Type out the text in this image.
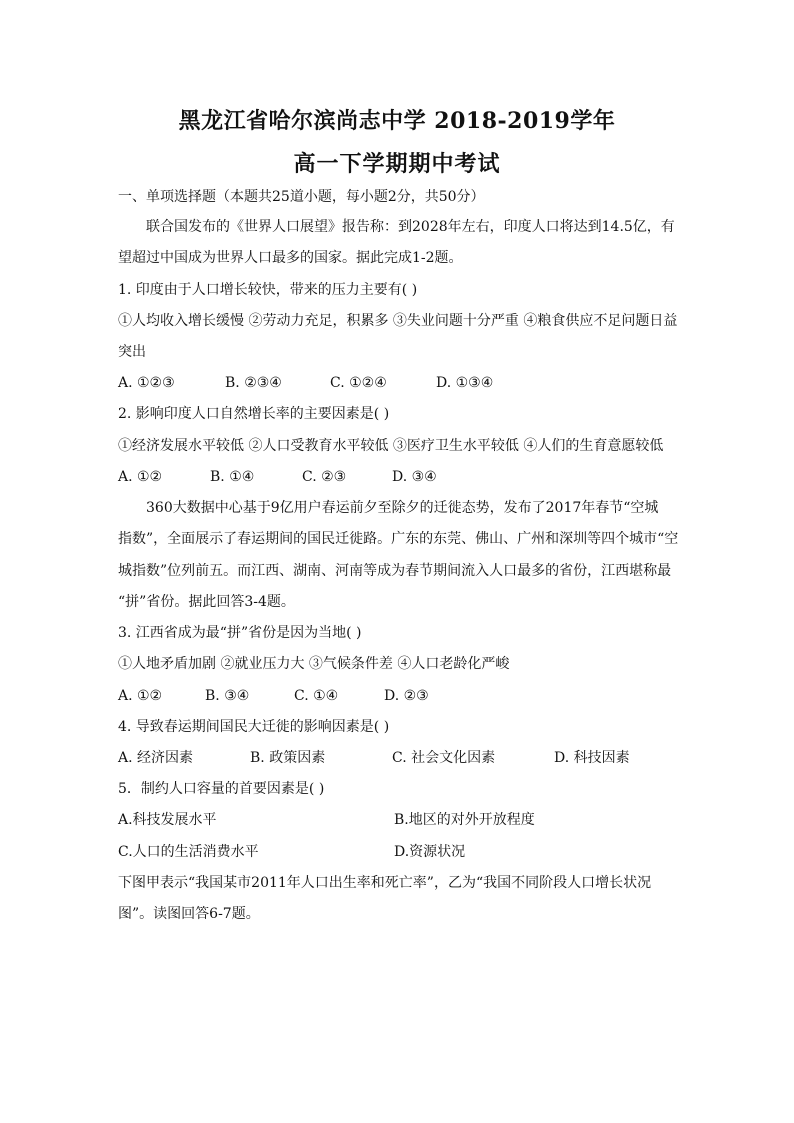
黑龙江省哈尔滨尚志中学 2018-2019学年
高一下学期期中考试
一、单项选择题（本题共25道小题，每小题2分，共50分）
联合国发布的《世界人口展望》报告称：到2028年左右，印度人口将达到14.5亿，有
望超过中国成为世界人口最多的国家。据此完成1-2题。
1. 印度由于人口增长较快，带来的压力主要有( )
①人均收入增长缓慢 ②劳动力充足，积累多 ③失业问题十分严重 ④粮食供应不足问题日益
突出
A. ①②③	B. ②③④	C. ①②④	D. ①③④
2. 影响印度人口自然增长率的主要因素是( )
①经济发展水平较低 ②人口受教育水平较低 ③医疗卫生水平较低 ④人们的生育意愿较低
A. ①②	B. ①④	C. ②③	D. ③④
360大数据中心基于9亿用户春运前夕至除夕的迁徙态势，发布了2017年春节“空城
指数”，全面展示了春运期间的国民迁徙路。广东的东莞、佛山、广州和深圳等四个城市“空
城指数”位列前五。而江西、湖南、河南等成为春节期间流入人口最多的省份，江西堪称最
“拼”省份。据此回答3-4题。
3. 江西省成为最“拼”省份是因为当地( )
①人地矛盾加剧 ②就业压力大 ③气候条件差 ④人口老龄化严峻
A. ①②	B. ③④	C. ①④	D. ②③
4. 导致春运期间国民大迁徙的影响因素是( )
A. 经济因素	B. 政策因素	C. 社会文化因素	D. 科技因素
5．制约人口容量的首要因素是( )
A.科技发展水平	B.地区的对外开放程度
C.人口的生活消费水平	D.资源状况
下图甲表示“我国某市2011年人口出生率和死亡率”，乙为“我国不同阶段人口增长状况
图”。读图回答6-7题。
